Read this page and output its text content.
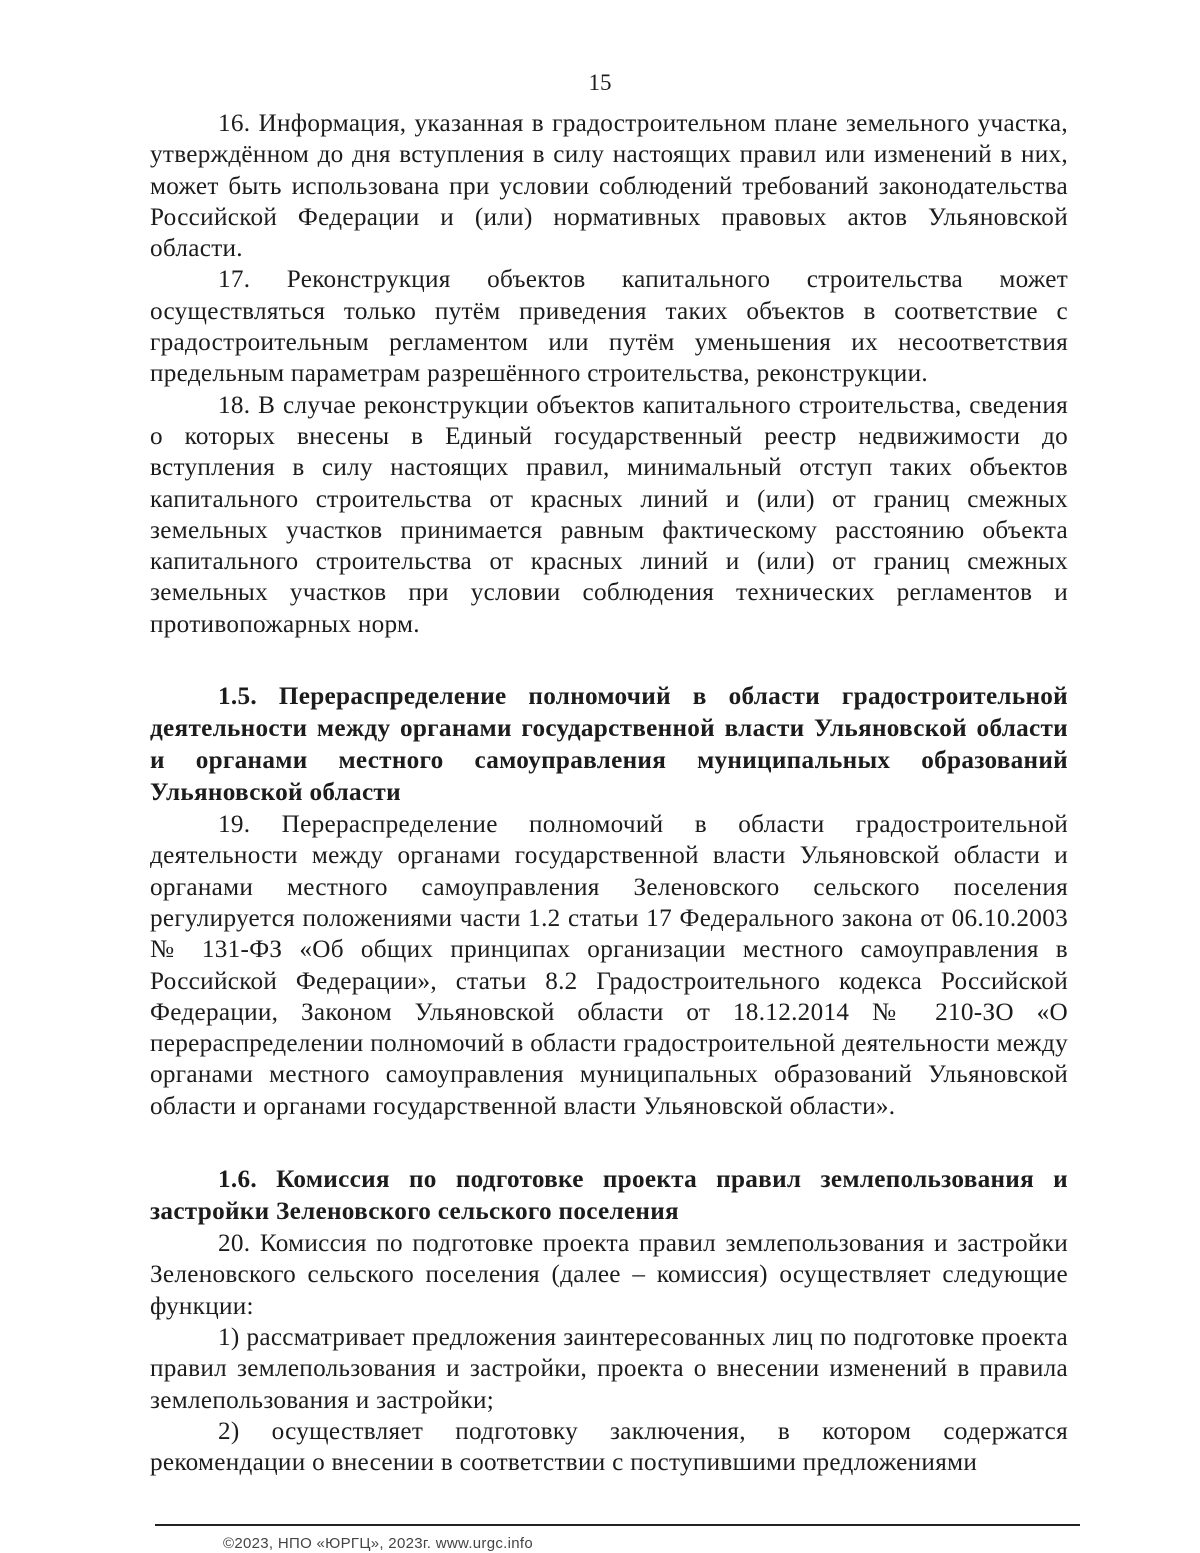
15

16. Информация, указанная в градостроительном плане земельного участка, утверждённом до дня вступления в силу настоящих правил или изменений в них, может быть использована при условии соблюдений требований законодательства Российской Федерации и (или) нормативных правовых актов Ульяновской области.

17. Реконструкция объектов капитального строительства может осуществляться только путём приведения таких объектов в соответствие с градостроительным регламентом или путём уменьшения их несоответствия предельным параметрам разрешённого строительства, реконструкции.

18. В случае реконструкции объектов капитального строительства, сведения о которых внесены в Единый государственный реестр недвижимости до вступления в силу настоящих правил, минимальный отступ таких объектов капитального строительства от красных линий и (или) от границ смежных земельных участков принимается равным фактическому расстоянию объекта капитального строительства от красных линий и (или) от границ смежных земельных участков при условии соблюдения технических регламентов и противопожарных норм.

1.5. Перераспределение полномочий в области градостроительной деятельности между органами государственной власти Ульяновской области и органами местного самоуправления муниципальных образований Ульяновской области

19. Перераспределение полномочий в области градостроительной деятельности между органами государственной власти Ульяновской области и органами местного самоуправления Зеленовского сельского поселения регулируется положениями части 1.2 статьи 17 Федерального закона от 06.10.2003 № 131-ФЗ «Об общих принципах организации местного самоуправления в Российской Федерации», статьи 8.2 Градостроительного кодекса Российской Федерации, Законом Ульяновской области от 18.12.2014 № 210-ЗО «О перераспределении полномочий в области градостроительной деятельности между органами местного самоуправления муниципальных образований Ульяновской области и органами государственной власти Ульяновской области».

1.6. Комиссия по подготовке проекта правил землепользования и застройки Зеленовского сельского поселения

20. Комиссия по подготовке проекта правил землепользования и застройки Зеленовского сельского поселения (далее – комиссия) осуществляет следующие функции:

1) рассматривает предложения заинтересованных лиц по подготовке проекта правил землепользования и застройки, проекта о внесении изменений в правила землепользования и застройки;

2) осуществляет подготовку заключения, в котором содержатся рекомендации о внесении в соответствии с поступившими предложениями

©2023, НПО «ЮРГЦ», 2023г. www.urgc.info
